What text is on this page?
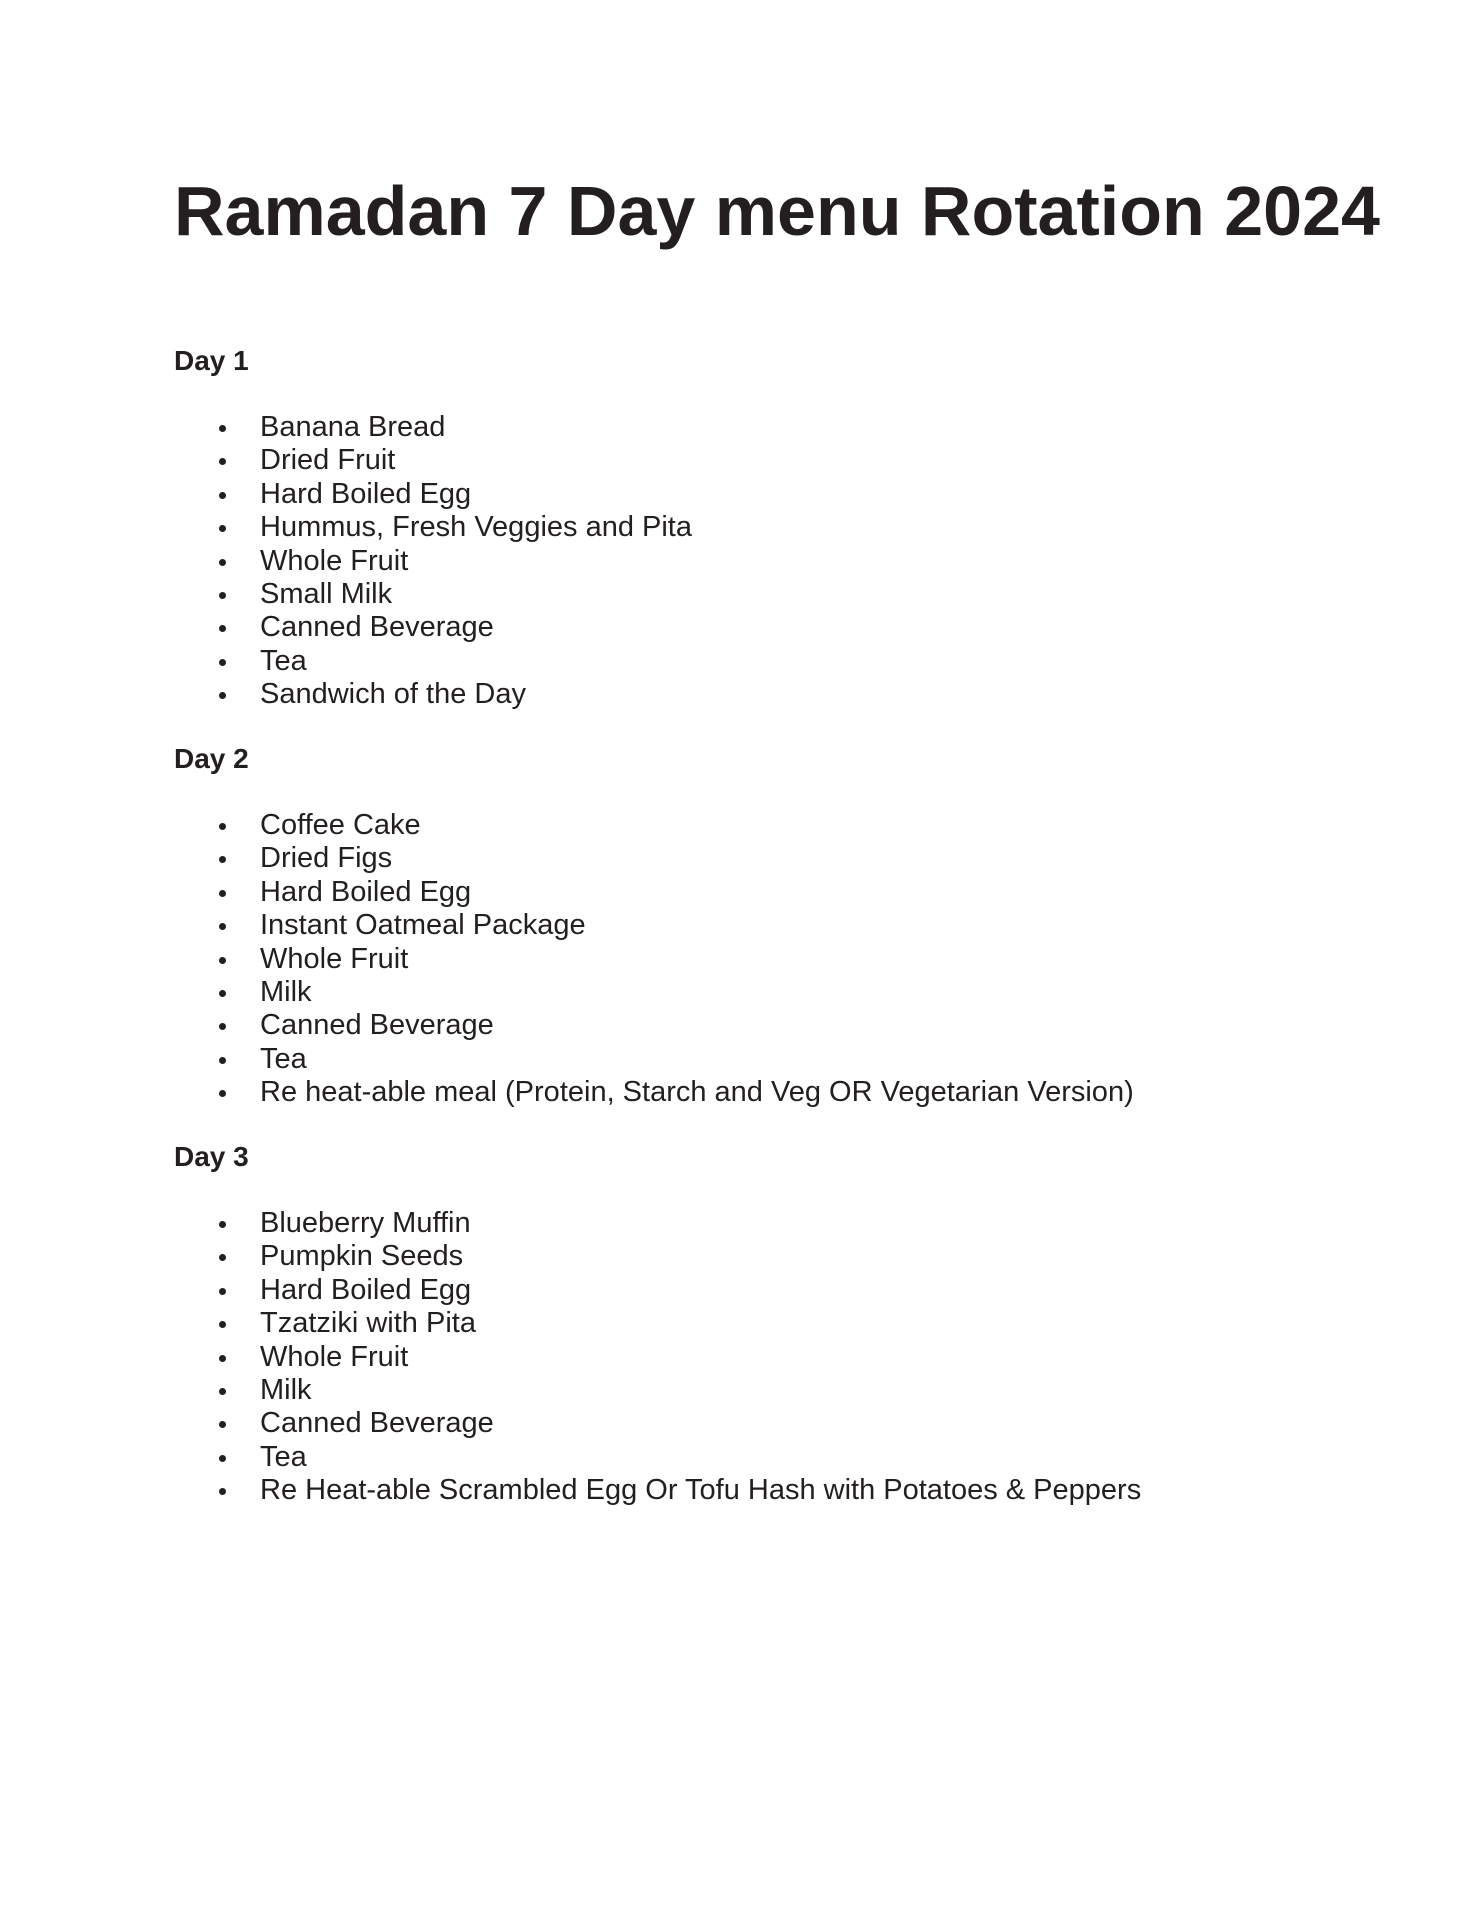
Ramadan 7 Day menu Rotation 2024
Day 1
Banana Bread
Dried Fruit
Hard Boiled Egg
Hummus, Fresh Veggies and Pita
Whole Fruit
Small Milk
Canned Beverage
Tea
Sandwich of the Day
Day 2
Coffee Cake
Dried Figs
Hard Boiled Egg
Instant Oatmeal Package
Whole Fruit
Milk
Canned Beverage
Tea
Re heat-able meal (Protein, Starch and Veg OR Vegetarian Version)
Day 3
Blueberry Muffin
Pumpkin Seeds
Hard Boiled Egg
Tzatziki with Pita
Whole Fruit
Milk
Canned Beverage
Tea
Re Heat-able Scrambled Egg Or Tofu Hash with Potatoes & Peppers
